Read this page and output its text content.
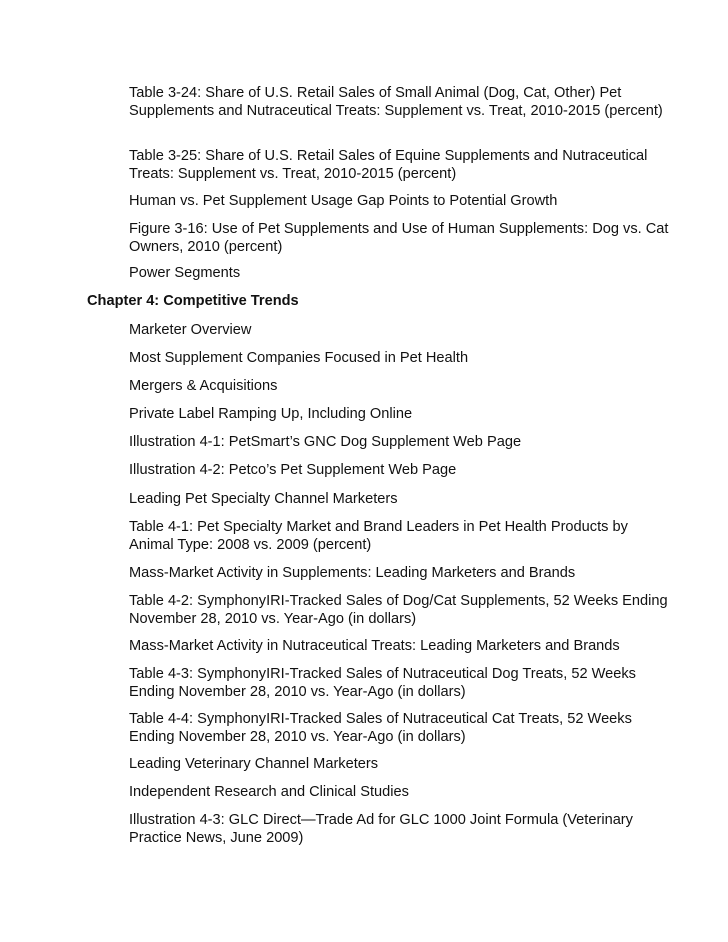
Table 3-24: Share of U.S. Retail Sales of Small Animal (Dog, Cat, Other) Pet Supplements and Nutraceutical Treats: Supplement vs. Treat, 2010-2015 (percent)

Table 3-25: Share of U.S. Retail Sales of Equine Supplements and Nutraceutical Treats: Supplement vs. Treat, 2010-2015 (percent)

Human vs. Pet Supplement Usage Gap Points to Potential Growth

Figure 3-16: Use of Pet Supplements and Use of Human Supplements: Dog vs. Cat Owners, 2010 (percent)

Power Segments

Chapter 4: Competitive Trends

Marketer Overview

Most Supplement Companies Focused in Pet Health

Mergers & Acquisitions

Private Label Ramping Up, Including Online

Illustration 4-1: PetSmart’s GNC Dog Supplement Web Page

Illustration 4-2: Petco’s Pet Supplement Web Page

Leading Pet Specialty Channel Marketers

Table 4-1: Pet Specialty Market and Brand Leaders in Pet Health Products by Animal Type: 2008 vs. 2009 (percent)

Mass-Market Activity in Supplements: Leading Marketers and Brands

Table 4-2: SymphonyIRI-Tracked Sales of Dog/Cat Supplements, 52 Weeks Ending November 28, 2010 vs. Year-Ago (in dollars)

Mass-Market Activity in Nutraceutical Treats: Leading Marketers and Brands

Table 4-3: SymphonyIRI-Tracked Sales of Nutraceutical Dog Treats, 52 Weeks Ending November 28, 2010 vs. Year-Ago (in dollars)

Table 4-4: SymphonyIRI-Tracked Sales of Nutraceutical Cat Treats, 52 Weeks Ending November 28, 2010 vs. Year-Ago (in dollars)

Leading Veterinary Channel Marketers

Independent Research and Clinical Studies

Illustration 4-3: GLC Direct—Trade Ad for GLC 1000 Joint Formula (Veterinary Practice News, June 2009)
